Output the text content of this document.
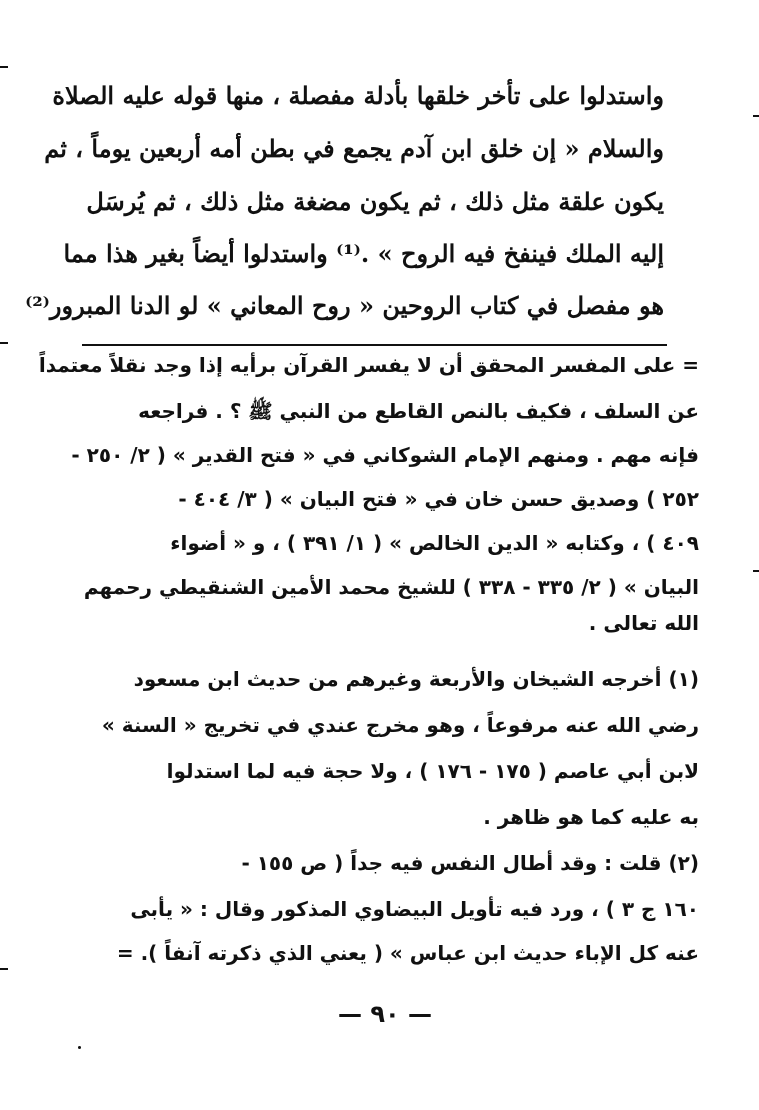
واستدلوا على تأخر خلقها بأدلة مفصلة ، منها قوله عليه الصلاة
والسلام « إن خلق ابن آدم يجمع في بطن أمه أربعين يوماً ، ثم
يكون علقة مثل ذلك ، ثم يكون مضغة مثل ذلك ، ثم يُرسَل
إليه الملك فينفخ فيه الروح » .⁽¹⁾ واستدلوا أيضاً بغير هذا مما
هو مفصل في كتاب الروحين « روح المعاني » لو الدنا المبرور⁽²⁾
= على المفسر المحقق أن لا يفسر القرآن برأيه إذا وجد نقلاً معتمداً
عن السلف ، فكيف بالنص القاطع من النبي ﷺ ؟ . فراجعه
فإنه مهم . ومنهم الإمام الشوكاني في « فتح القدير » ( ٢/ ٢٥٠ -
٢٥٢ ) وصديق حسن خان في « فتح البيان » ( ٣/ ٤٠٤ -
٤٠٩ ) ، وكتابه « الدين الخالص » ( ١/ ٣٩١ ) ، و « أضواء
البيان » ( ٢/ ٣٣٥ - ٣٣٨ ) للشيخ محمد الأمين الشنقيطي رحمهم
الله تعالى .
(١) أخرجه الشيخان والأربعة وغيرهم من حديث ابن مسعود
رضي الله عنه مرفوعاً ، وهو مخرج عندي في تخريج « السنة »
لابن أبي عاصم ( ١٧٥ - ١٧٦ ) ، ولا حجة فيه لما استدلوا
به عليه كما هو ظاهر .
(٢) قلت : وقد أطال النفس فيه جداً ( ص ١٥٥ -
١٦٠ ج ٣ ) ، ورد فيه تأويل البيضاوي المذكور وقال : « يأبى
عنه كل الإباء حديث ابن عباس » ( يعني الذي ذكرته آنفاً ). =
— ٩٠ —
